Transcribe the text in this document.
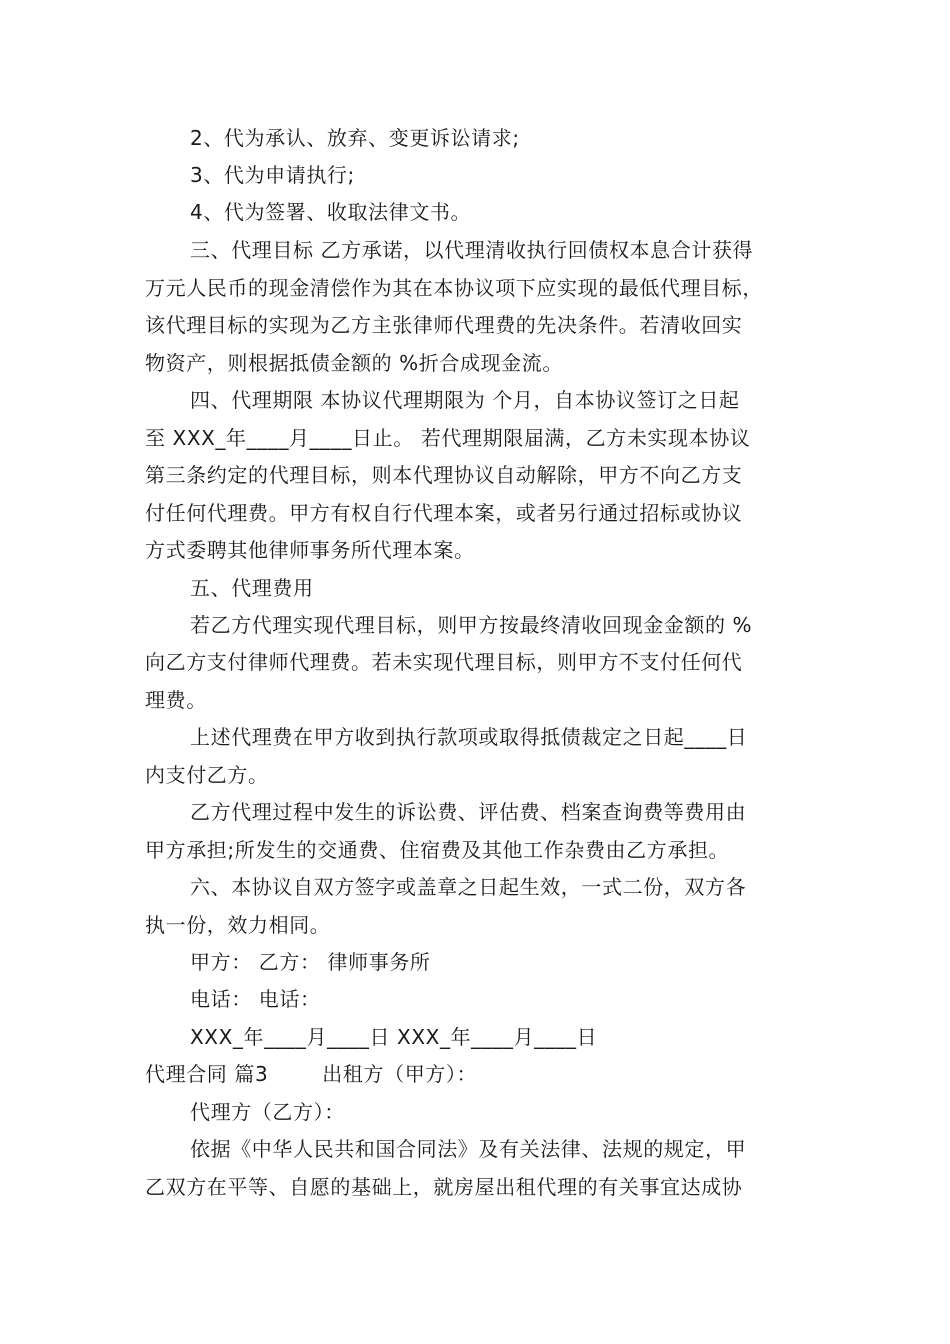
2、代为承认、放弃、变更诉讼请求;
3、代为申请执行;
4、代为签署、收取法律文书。
三、代理目标 乙方承诺，以代理清收执行回债权本息合计获得
万元人民币的现金清偿作为其在本协议项下应实现的最低代理目标，
该代理目标的实现为乙方主张律师代理费的先决条件。若清收回实
物资产，则根据抵债金额的 %折合成现金流。
四、代理期限 本协议代理期限为 个月，自本协议签订之日起
至 XXX_年____月____日止。 若代理期限届满，乙方未实现本协议
第三条约定的代理目标，则本代理协议自动解除，甲方不向乙方支
付任何代理费。甲方有权自行代理本案，或者另行通过招标或协议
方式委聘其他律师事务所代理本案。
五、代理费用
若乙方代理实现代理目标，则甲方按最终清收回现金金额的 %
向乙方支付律师代理费。若未实现代理目标，则甲方不支付任何代
理费。
上述代理费在甲方收到执行款项或取得抵债裁定之日起____日
内支付乙方。
乙方代理过程中发生的诉讼费、评估费、档案查询费等费用由
甲方承担;所发生的交通费、住宿费及其他工作杂费由乙方承担。
六、本协议自双方签字或盖章之日起生效，一式二份，双方各
执一份，效力相同。
甲方： 乙方： 律师事务所
电话： 电话：
XXX_年____月____日 XXX_年____月____日
代理合同 篇3	出租方（甲方）：
代理方（乙方）：
依据《中华人民共和国合同法》及有关法律、法规的规定，甲
乙双方在平等、自愿的基础上，就房屋出租代理的有关事宜达成协
